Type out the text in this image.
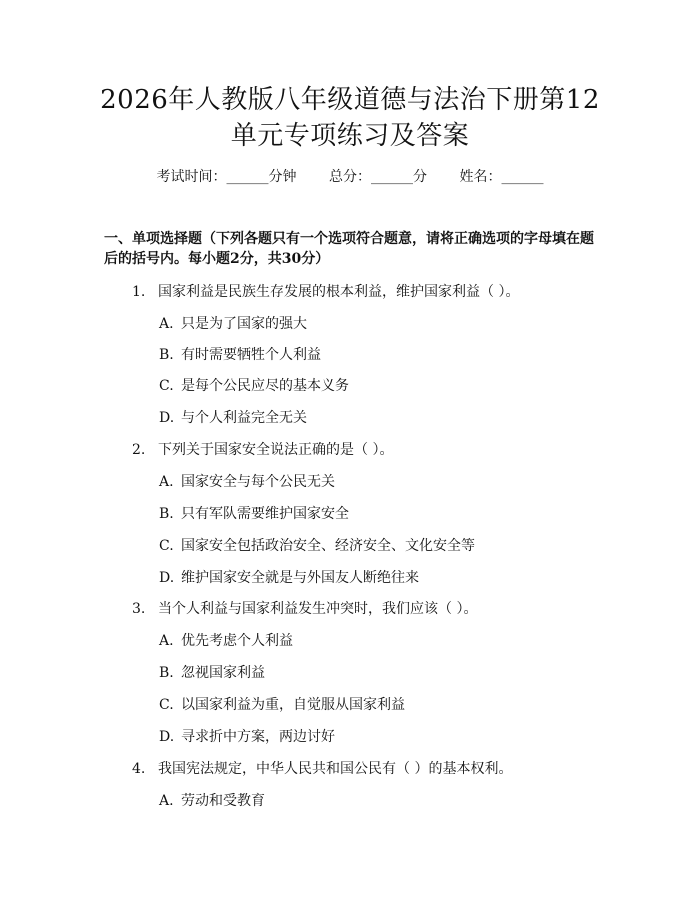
2026年人教版八年级道德与法治下册第12
单元专项练习及答案
考试时间：______分钟 总分：______分 姓名：______
一、单项选择题（下列各题只有一个选项符合题意，请将正确选项的字母填在题
后的括号内。每小题2分，共30分）
1. 国家利益是民族生存发展的根本利益，维护国家利益（ ）。
A. 只是为了国家的强大
B. 有时需要牺牲个人利益
C. 是每个公民应尽的基本义务
D. 与个人利益完全无关
2. 下列关于国家安全说法正确的是（ ）。
A. 国家安全与每个公民无关
B. 只有军队需要维护国家安全
C. 国家安全包括政治安全、经济安全、文化安全等
D. 维护国家安全就是与外国友人断绝往来
3. 当个人利益与国家利益发生冲突时，我们应该（ ）。
A. 优先考虑个人利益
B. 忽视国家利益
C. 以国家利益为重，自觉服从国家利益
D. 寻求折中方案，两边讨好
4. 我国宪法规定，中华人民共和国公民有（ ）的基本权利。
A. 劳动和受教育
